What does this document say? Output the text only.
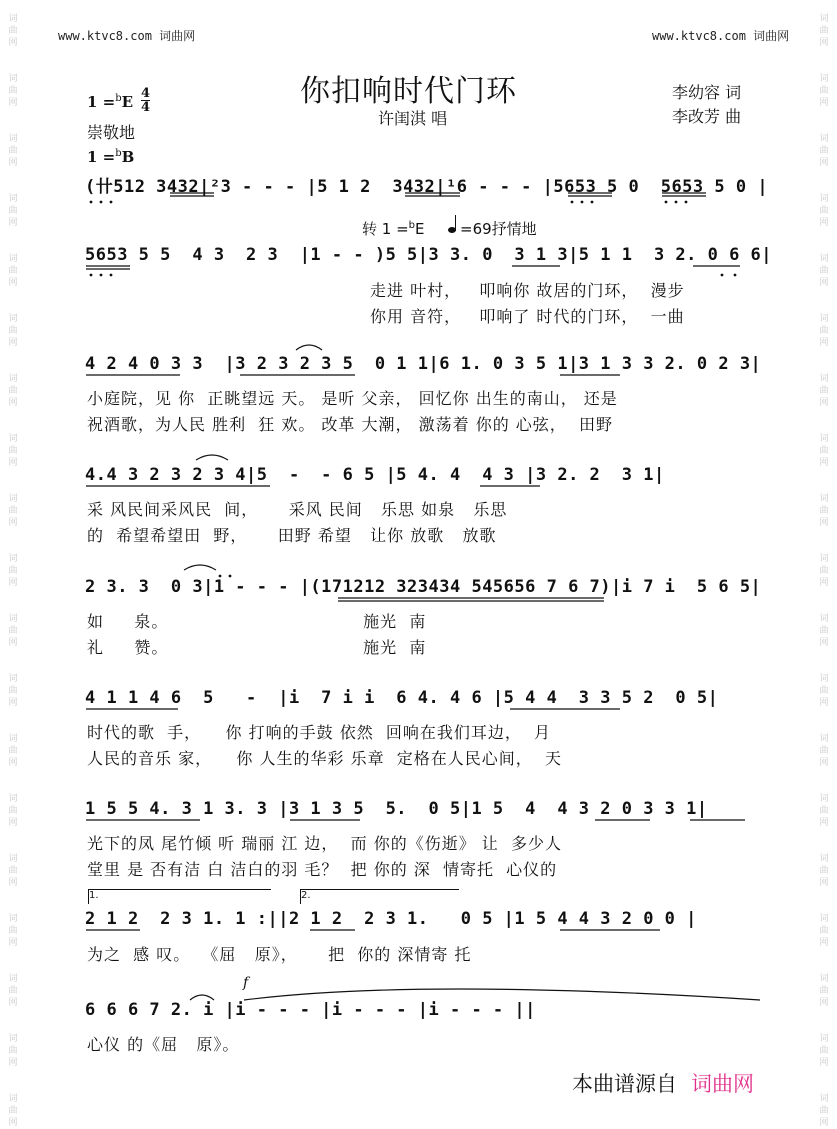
词
曲
网
词
曲
网
词
曲
网
词
曲
网
词
曲
网
词
曲
网
词
曲
网
词
曲
网
词
曲
网
词
曲
网
词
曲
网
词
曲
网
词
曲
网
词
曲
网
词
曲
网
词
曲
网
词
曲
网
词
曲
网
词
曲
网
词
曲
网
词
曲
网
词
曲
网
词
曲
网
词
曲
网
词
曲
网
词
曲
网
词
曲
网
词
曲
网
词
曲
网
词
曲
网
词
曲
网
词
曲
网
词
曲
网
词
曲
网
词
曲
网
词
曲
网
词
曲
网
词
曲
网
www.ktvc8.com 词曲网	www.ktvc8.com 词曲网
你扣响时代门环
许闺淇 唱
李幼容 词
李改芳 曲
$1 =^bE \frac{4}{4}$
崇敬地
1 =$^b$B
转 1 =$^b$E =69抒情地
(卄512 3432|²3 - - - |5 1 2  3432|¹6 - - - |5653 5 0  5653 5 0 |
5653 5 5  4 3  2 3  |1 - - )5 5|3 3. 0  3 1 3|5 1 1  3 2. 0 6 6|
走进 叶村，   叩响你 故居的门环，  漫步
你用 音符，   叩响了 时代的门环，  一曲
4 2 4 0 3 3  |3 2 3 2 3 5  0 1 1|6 1. 0 3 5 1|3 1 3 3 2. 0 2 3|
小庭院，见 你  正眺望远 天。 是听 父亲， 回忆你 出生的南山， 还是
祝酒歌，为人民 胜利  狂 欢。 改革 大潮， 激荡着 你的 心弦，  田野
4.4 3 2 3 2 3 4|5  -  - 6 5 |5 4. 4  4 3 |3 2. 2  3 1|
采 风民间采风民  间，     采风 民间   乐思 如泉   乐思
的  希望希望田  野，     田野 希望   让你 放歌   放歌
2 3. 3  0 3|1 - - - |(171212 323434 545656 7 6 7)|i 7 i  5 6 5|
如     泉。                                施光  南
礼     赞。                                施光  南
4 1 1 4 6  5   -  |i  7 i i  6 4. 4 6 |5 4 4  3 3 5 2  0 5|
时代的歌  手，    你 打响的手鼓 依然  回响在我们耳边，  月
人民的音乐 家，    你 人生的华彩 乐章  定格在人民心间，  天
1 5 5 4. 3 1 3. 3 |3 1 3 5  5.  0 5|1 5  4  4 3 2 0 3 3 1|
光下的凤 尾竹倾 听 瑞丽 江 边，  而 你的《伤逝》 让  多少人
堂里 是 否有洁 白 洁白的羽 毛？  把 你的 深  情寄托  心仪的
1.	2.
2 1 2  2 3 1. 1 :||2 1 2  2 3 1.   0 5 |1 5 4 4 3 2 0 0 |
为之  感 叹。  《屈   原》，     把  你的 深情寄 托
f
6 6 6 7 2. i |i - - - |i - - - |i - - - ||
心仪 的《屈   原》。
本曲谱源自 词曲网
